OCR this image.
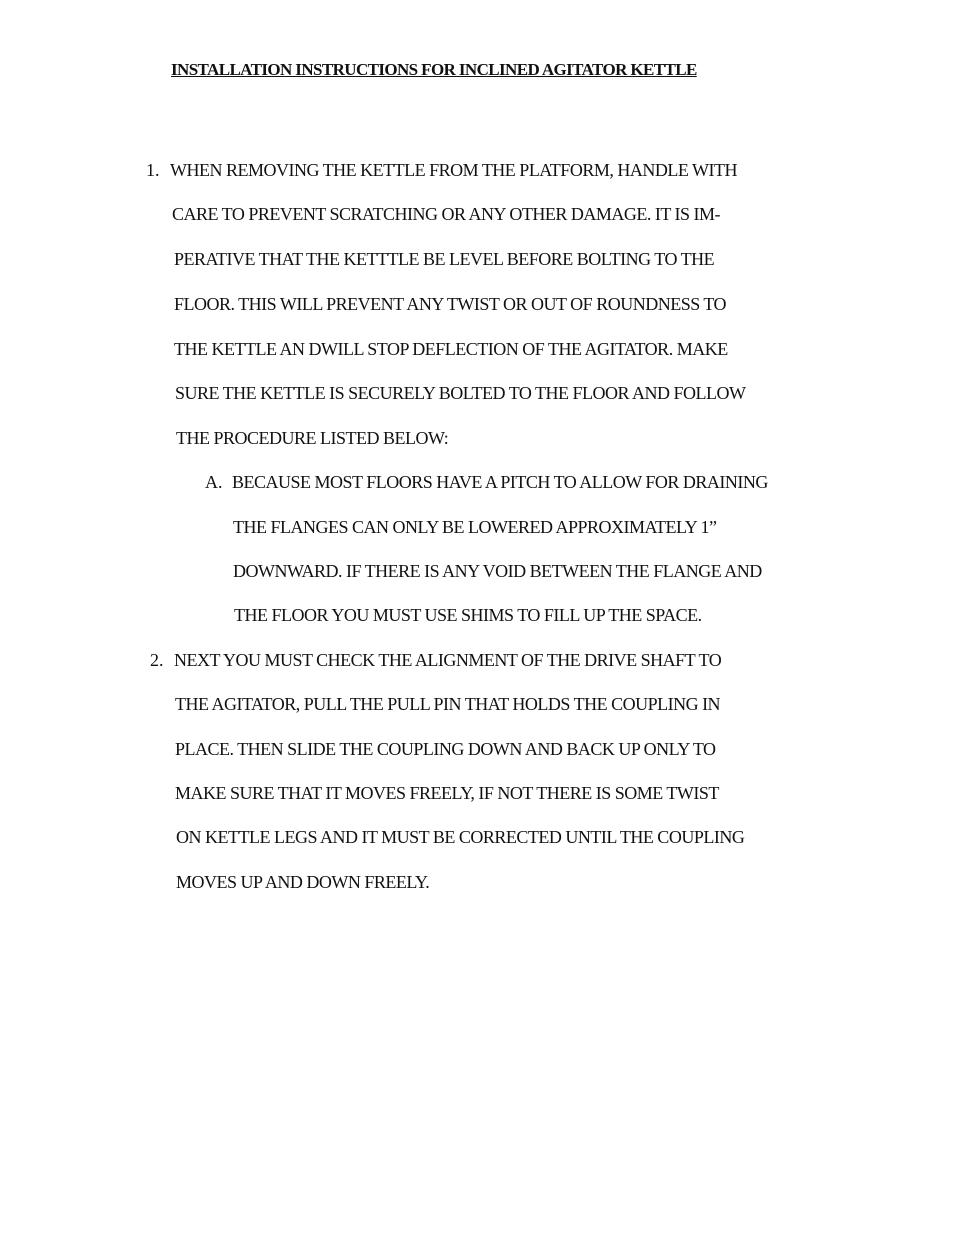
INSTALLATION INSTRUCTIONS FOR INCLINED AGITATOR KETTLE
1. WHEN REMOVING THE KETTLE FROM THE PLATFORM, HANDLE WITH
CARE TO PREVENT SCRATCHING OR ANY OTHER DAMAGE. IT IS IM-
PERATIVE THAT THE KETTTLE BE LEVEL BEFORE BOLTING TO THE
FLOOR. THIS WILL PREVENT ANY TWIST OR OUT OF ROUNDNESS TO
THE KETTLE AN DWILL STOP DEFLECTION OF THE AGITATOR. MAKE
SURE THE KETTLE IS SECURELY BOLTED TO THE FLOOR AND FOLLOW
THE PROCEDURE LISTED BELOW:
A. BECAUSE MOST FLOORS HAVE A PITCH TO ALLOW FOR DRAINING
THE FLANGES CAN ONLY BE LOWERED APPROXIMATELY 1”
DOWNWARD. IF THERE IS ANY VOID BETWEEN THE FLANGE AND
THE FLOOR YOU MUST USE SHIMS TO FILL UP THE SPACE.
2. NEXT YOU MUST CHECK THE ALIGNMENT OF THE DRIVE SHAFT TO
THE AGITATOR, PULL THE PULL PIN THAT HOLDS THE COUPLING IN
PLACE. THEN SLIDE THE COUPLING DOWN AND BACK UP ONLY TO
MAKE SURE THAT IT MOVES FREELY, IF NOT THERE IS SOME TWIST
ON KETTLE LEGS AND IT MUST BE CORRECTED UNTIL THE COUPLING
MOVES UP AND DOWN FREELY.
